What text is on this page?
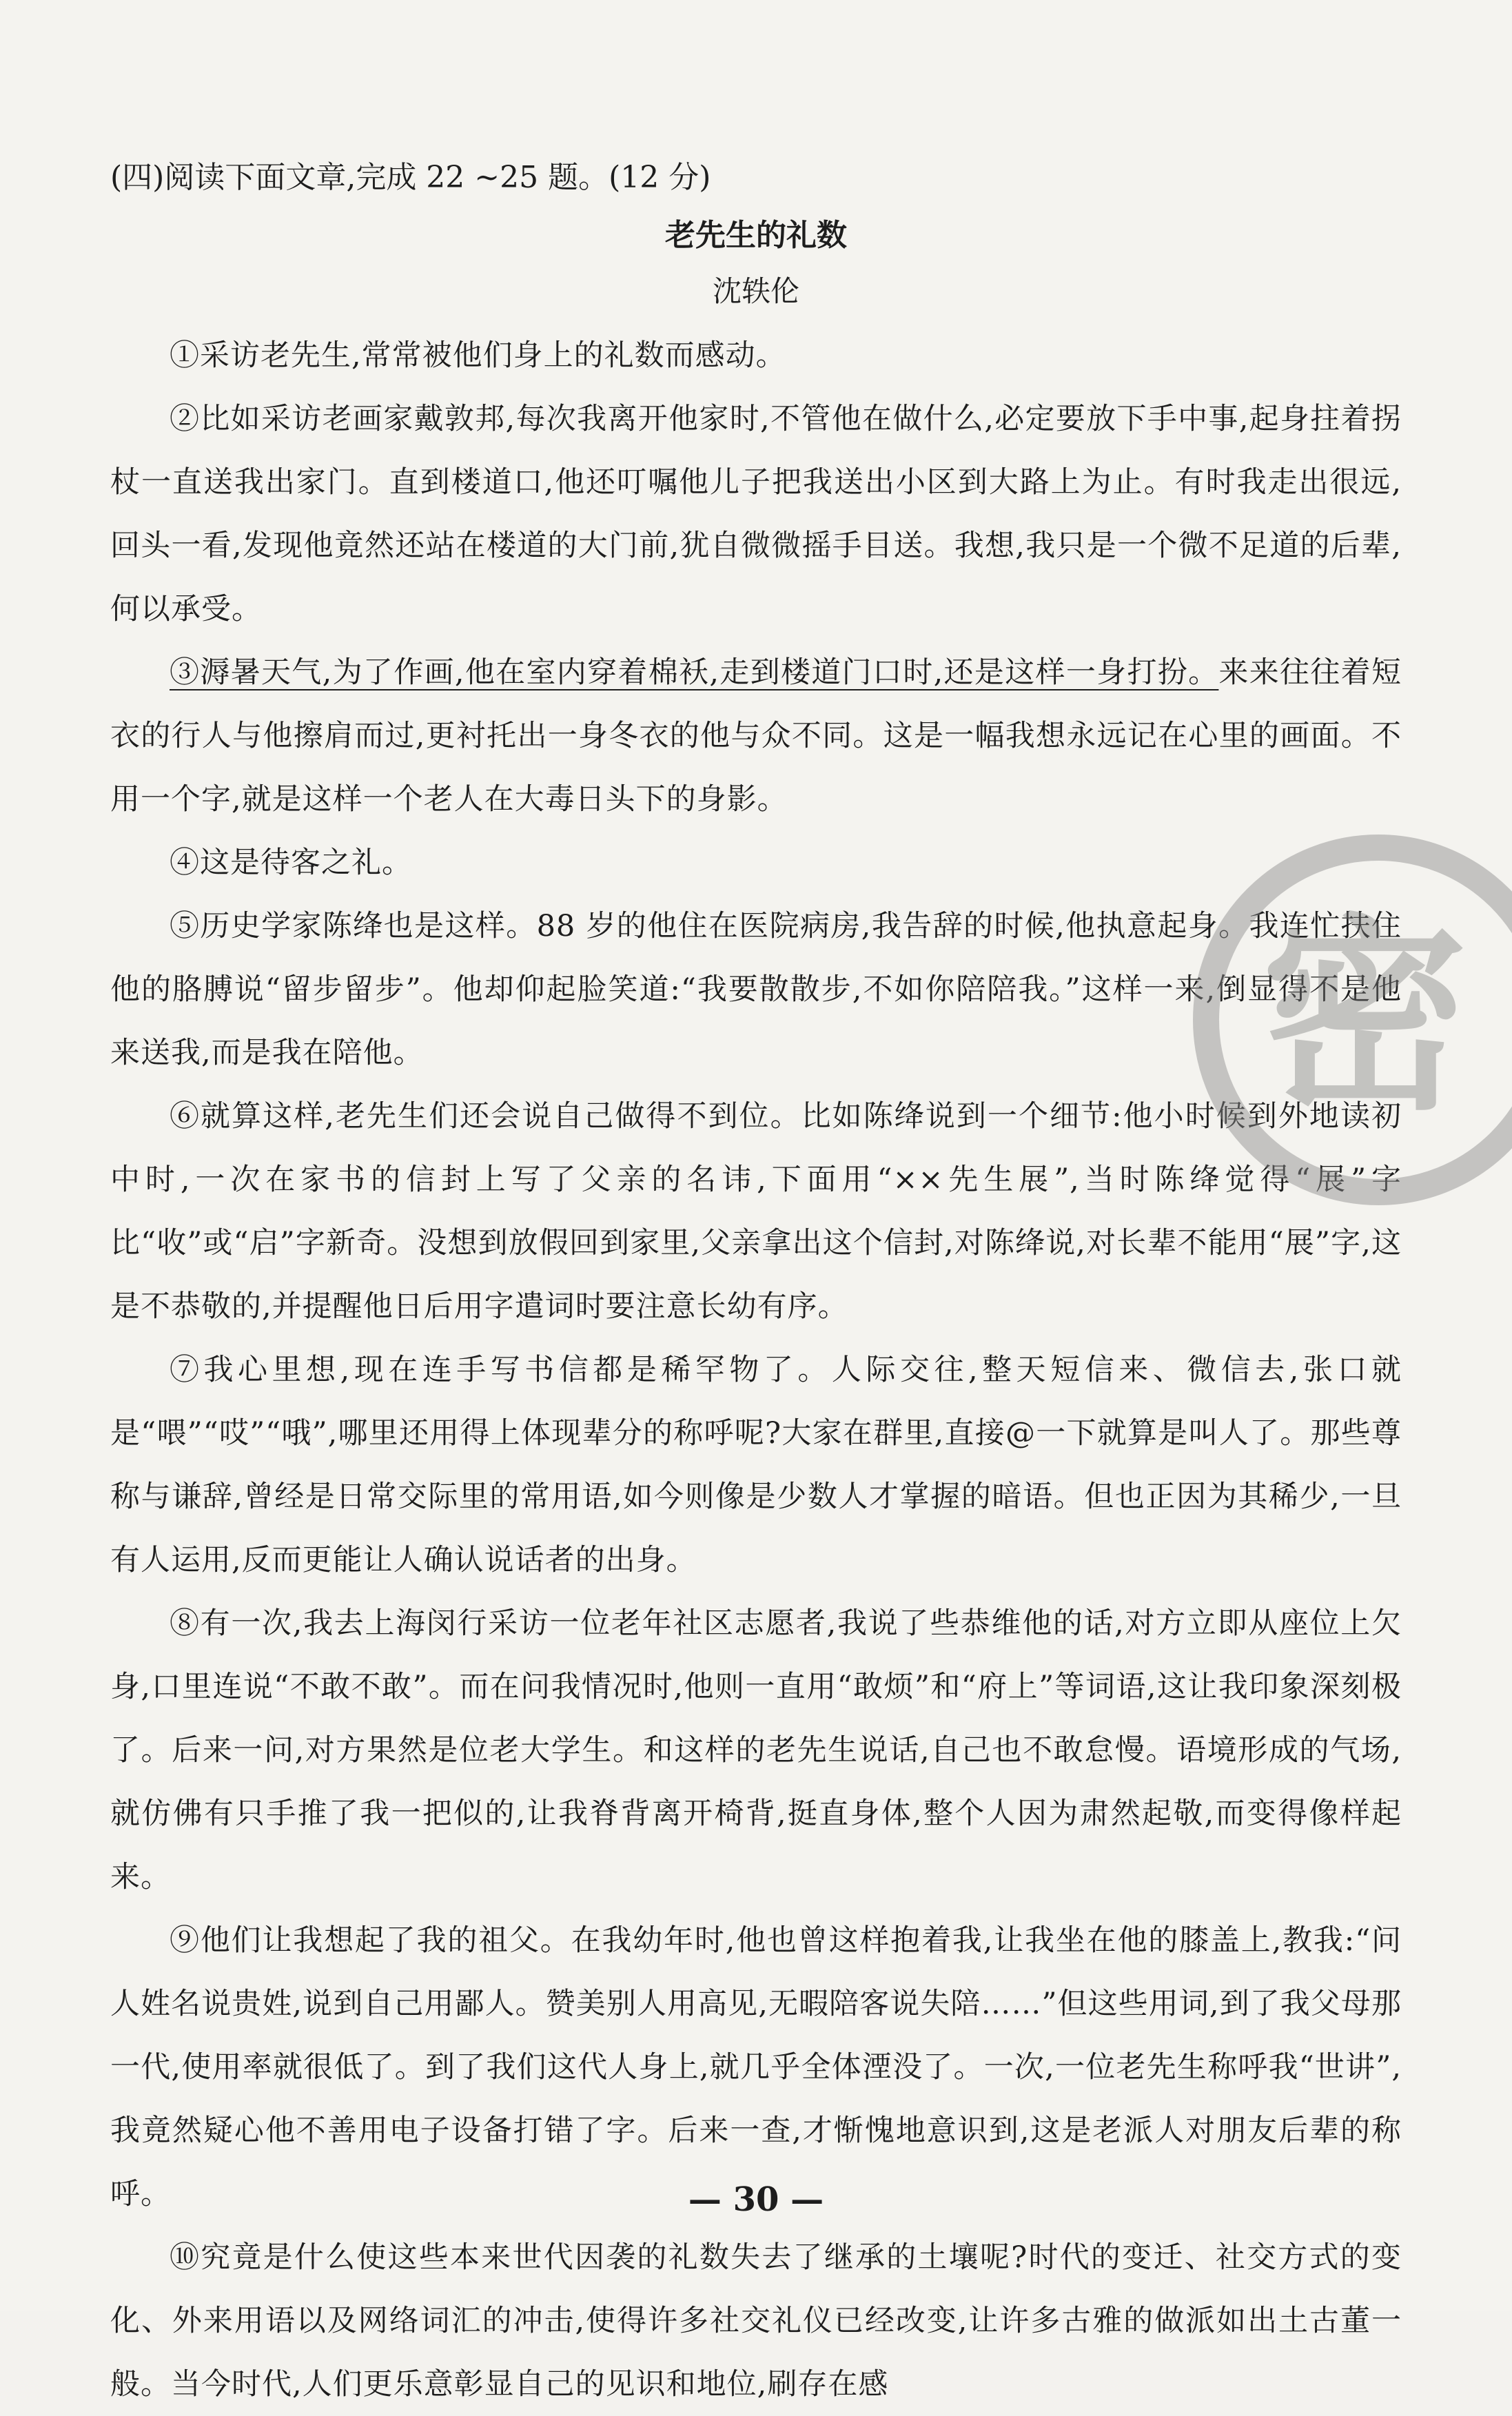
(四)阅读下面文章,完成 22 ~25 题。(12 分)
老先生的礼数
沈轶伦

①采访老先生,常常被他们身上的礼数而感动。

②比如采访老画家戴敦邦,每次我离开他家时,不管他在做什么,必定要放下手中事,起身拄着拐杖一直送我出家门。直到楼道口,他还叮嘱他儿子把我送出小区到大路上为止。有时我走出很远,回头一看,发现他竟然还站在楼道的大门前,犹自微微摇手目送。我想,我只是一个微不足道的后辈,何以承受。

③溽暑天气,为了作画,他在室内穿着棉袄,走到楼道门口时,还是这样一身打扮。来来往往着短衣的行人与他擦肩而过,更衬托出一身冬衣的他与众不同。这是一幅我想永远记在心里的画面。不用一个字,就是这样一个老人在大毒日头下的身影。

④这是待客之礼。

⑤历史学家陈绛也是这样。88 岁的他住在医院病房,我告辞的时候,他执意起身。我连忙扶住他的胳膊说“留步留步”。他却仰起脸笑道:“我要散散步,不如你陪陪我。”这样一来,倒显得不是他来送我,而是我在陪他。

⑥就算这样,老先生们还会说自己做得不到位。比如陈绛说到一个细节:他小时候到外地读初中时,一次在家书的信封上写了父亲的名讳,下面用“××先生展”,当时陈绛觉得“展”字比“收”或“启”字新奇。没想到放假回到家里,父亲拿出这个信封,对陈绛说,对长辈不能用“展”字,这是不恭敬的,并提醒他日后用字遣词时要注意长幼有序。

⑦我心里想,现在连手写书信都是稀罕物了。人际交往,整天短信来、微信去,张口就是“喂”“哎”“哦”,哪里还用得上体现辈分的称呼呢?大家在群里,直接@一下就算是叫人了。那些尊称与谦辞,曾经是日常交际里的常用语,如今则像是少数人才掌握的暗语。但也正因为其稀少,一旦有人运用,反而更能让人确认说话者的出身。

⑧有一次,我去上海闵行采访一位老年社区志愿者,我说了些恭维他的话,对方立即从座位上欠身,口里连说“不敢不敢”。而在问我情况时,他则一直用“敢烦”和“府上”等词语,这让我印象深刻极了。后来一问,对方果然是位老大学生。和这样的老先生说话,自己也不敢怠慢。语境形成的气场,就仿佛有只手推了我一把似的,让我脊背离开椅背,挺直身体,整个人因为肃然起敬,而变得像样起来。

⑨他们让我想起了我的祖父。在我幼年时,他也曾这样抱着我,让我坐在他的膝盖上,教我:“问人姓名说贵姓,说到自己用鄙人。赞美别人用高见,无暇陪客说失陪……”但这些用词,到了我父母那一代,使用率就很低了。到了我们这代人身上,就几乎全体湮没了。一次,一位老先生称呼我“世讲”,我竟然疑心他不善用电子设备打错了字。后来一查,才惭愧地意识到,这是老派人对朋友后辈的称呼。

⑩究竟是什么使这些本来世代因袭的礼数失去了继承的土壤呢?时代的变迁、社交方式的变化、外来用语以及网络词汇的冲击,使得许多社交礼仪已经改变,让许多古雅的做派如出土古董一般。当今时代,人们更乐意彰显自己的见识和地位,刷存在感

密
— 30 —
